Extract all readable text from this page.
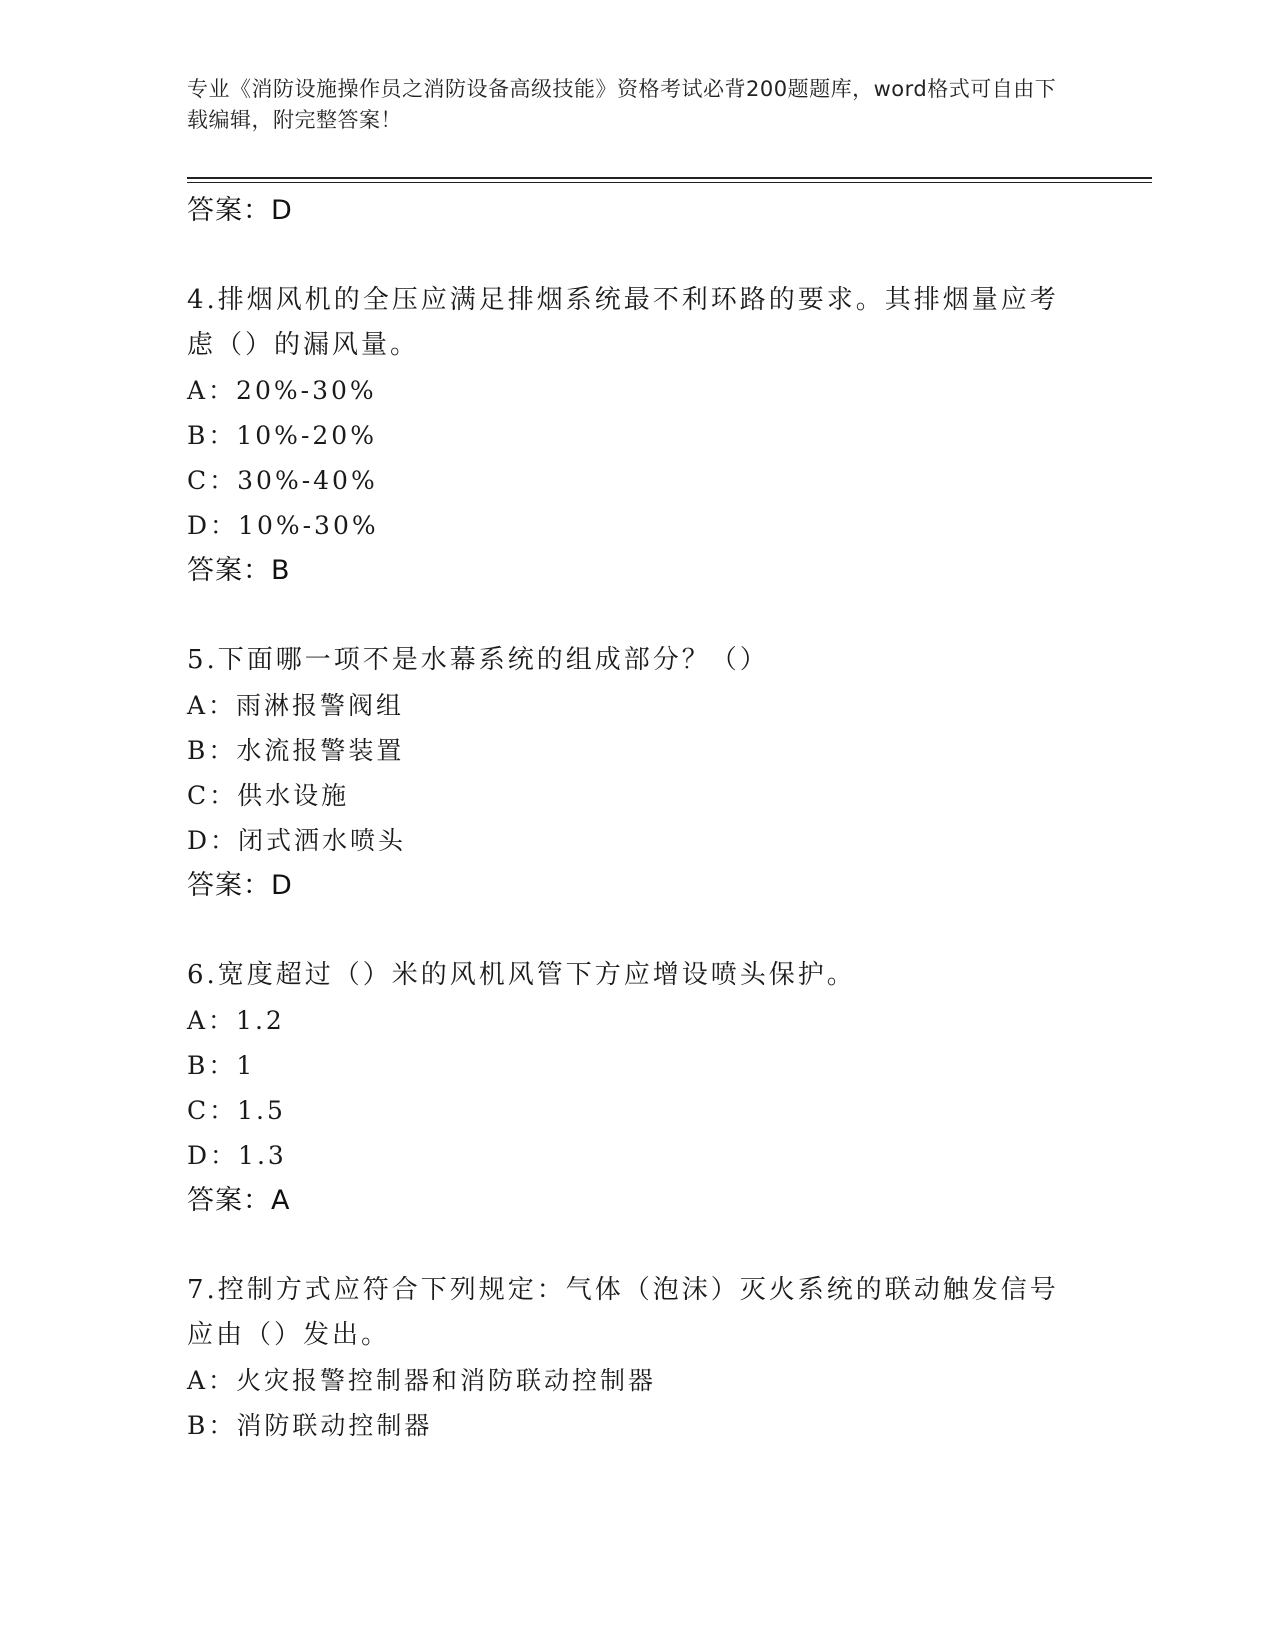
专业《消防设施操作员之消防设备高级技能》资格考试必背200题题库，word格式可自由下载编辑，附完整答案！
答案：D
4.排烟风机的全压应满足排烟系统最不利环路的要求。其排烟量应考虑（）的漏风量。
A：20%-30%
B：10%-20%
C：30%-40%
D：10%-30%
答案：B
5.下面哪一项不是水幕系统的组成部分？（）
A：雨淋报警阀组
B：水流报警装置
C：供水设施
D：闭式洒水喷头
答案：D
6.宽度超过（）米的风机风管下方应增设喷头保护。
A：1.2
B：1
C：1.5
D：1.3
答案：A
7.控制方式应符合下列规定：气体（泡沫）灭火系统的联动触发信号应由（）发出。
A：火灾报警控制器和消防联动控制器
B：消防联动控制器
